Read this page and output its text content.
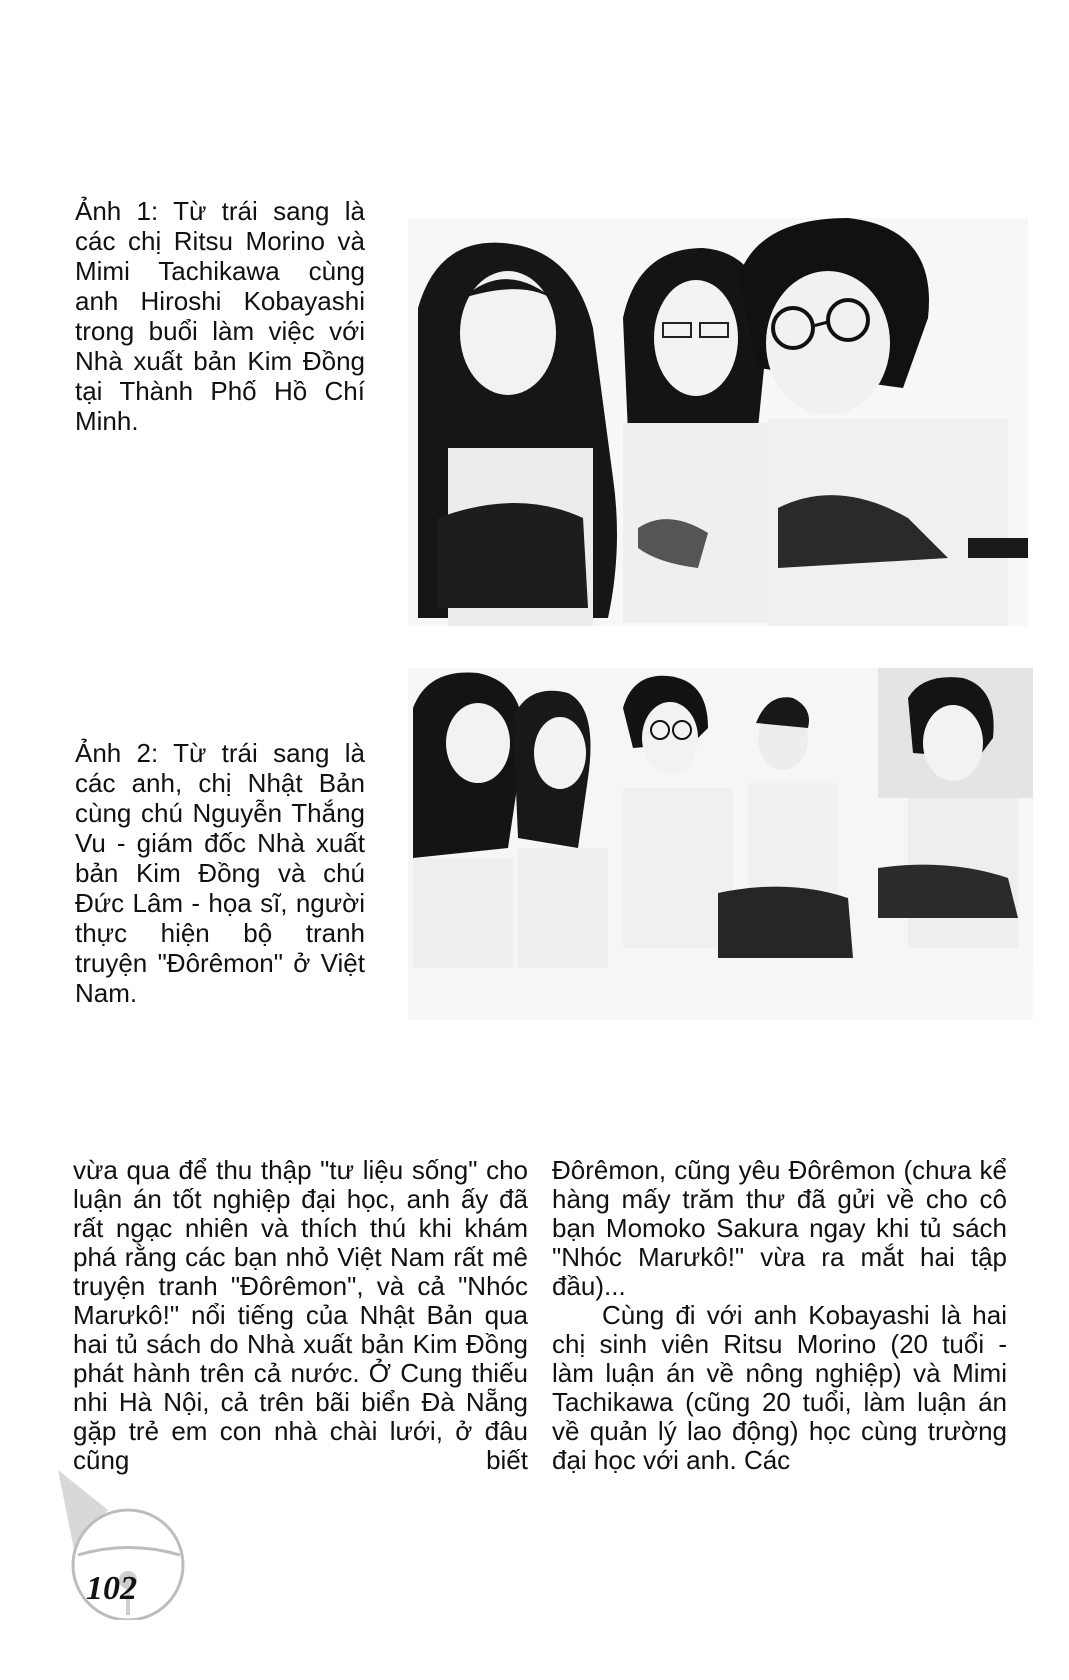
Ảnh 1: Từ trái sang là các chị Ritsu Morino và Mimi Tachikawa cùng anh Hiroshi Kobayashi trong buổi làm việc với Nhà xuất bản Kim Đồng tại Thành Phố Hồ Chí Minh.
Ảnh 2: Từ trái sang là các anh, chị Nhật Bản cùng chú Nguyễn Thắng Vu - giám đốc Nhà xuất bản Kim Đồng và chú Đức Lâm - họa sĩ, người thực hiện bộ tranh truyện "Đôrêmon" ở Việt Nam.

vừa qua để thu thập "tư liệu sống" cho luận án tốt nghiệp đại học, anh ấy đã rất ngạc nhiên và thích thú khi khám phá rằng các bạn nhỏ Việt Nam rất mê truyện tranh "Đôrêmon", và cả "Nhóc Marưkô!" nổi tiếng của Nhật Bản qua hai tủ sách do Nhà xuất bản Kim Đồng phát hành trên cả nước. Ở Cung thiếu nhi Hà Nội, cả trên bãi biển Đà Nẵng gặp trẻ em con nhà chài lưới, ở đâu cũng biết

Đôrêmon, cũng yêu Đôrêmon (chưa kể hàng mấy trăm thư đã gửi về cho cô bạn Momoko Sakura ngay khi tủ sách "Nhóc Marưkô!" vừa ra mắt hai tập đầu)...

Cùng đi với anh Kobayashi là hai chị sinh viên Ritsu Morino (20 tuổi - làm luận án về nông nghiệp) và Mimi Tachikawa (cũng 20 tuổi, làm luận án về quản lý lao động) học cùng trường đại học với anh. Các

102
